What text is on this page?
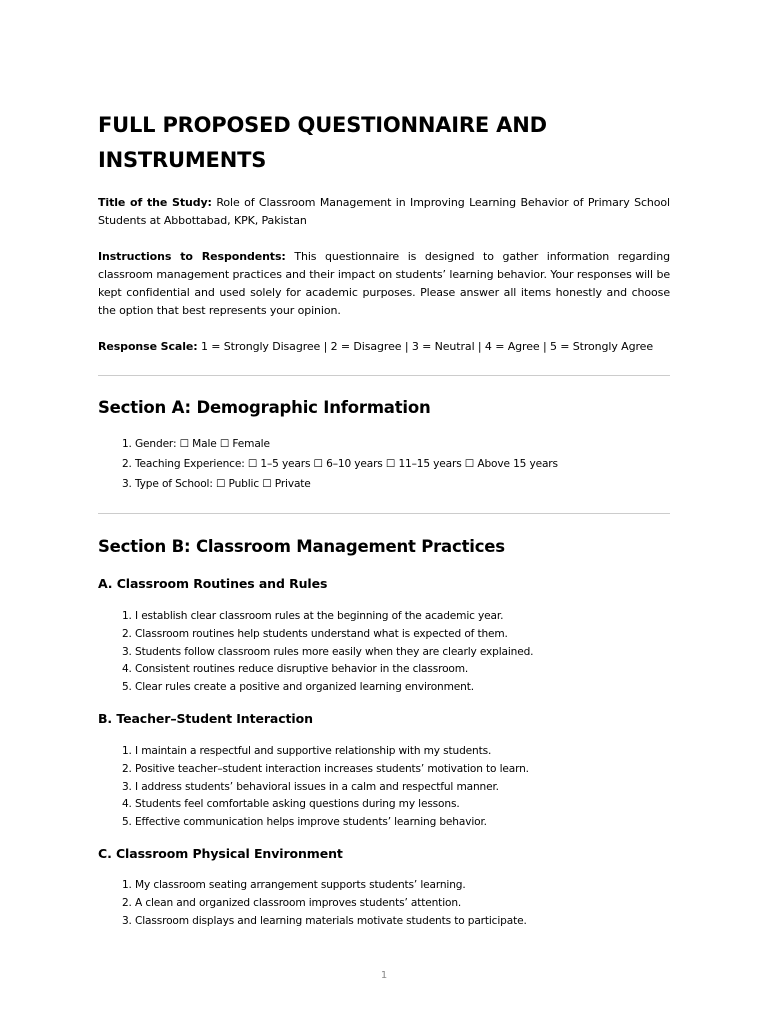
FULL PROPOSED QUESTIONNAIRE AND INSTRUMENTS
Title of the Study: Role of Classroom Management in Improving Learning Behavior of Primary School Students at Abbottabad, KPK, Pakistan
Instructions to Respondents: This questionnaire is designed to gather information regarding classroom management practices and their impact on students’ learning behavior. Your responses will be kept confidential and used solely for academic purposes. Please answer all items honestly and choose the option that best represents your opinion.
Response Scale: 1 = Strongly Disagree | 2 = Disagree | 3 = Neutral | 4 = Agree | 5 = Strongly Agree
Section A: Demographic Information
1. Gender: ☐ Male ☐ Female
2. Teaching Experience: ☐ 1–5 years ☐ 6–10 years ☐ 11–15 years ☐ Above 15 years
3. Type of School: ☐ Public ☐ Private
Section B: Classroom Management Practices
A. Classroom Routines and Rules
1. I establish clear classroom rules at the beginning of the academic year.
2. Classroom routines help students understand what is expected of them.
3. Students follow classroom rules more easily when they are clearly explained.
4. Consistent routines reduce disruptive behavior in the classroom.
5. Clear rules create a positive and organized learning environment.
B. Teacher–Student Interaction
1. I maintain a respectful and supportive relationship with my students.
2. Positive teacher–student interaction increases students’ motivation to learn.
3. I address students’ behavioral issues in a calm and respectful manner.
4. Students feel comfortable asking questions during my lessons.
5. Effective communication helps improve students’ learning behavior.
C. Classroom Physical Environment
1. My classroom seating arrangement supports students’ learning.
2. A clean and organized classroom improves students’ attention.
3. Classroom displays and learning materials motivate students to participate.
1
